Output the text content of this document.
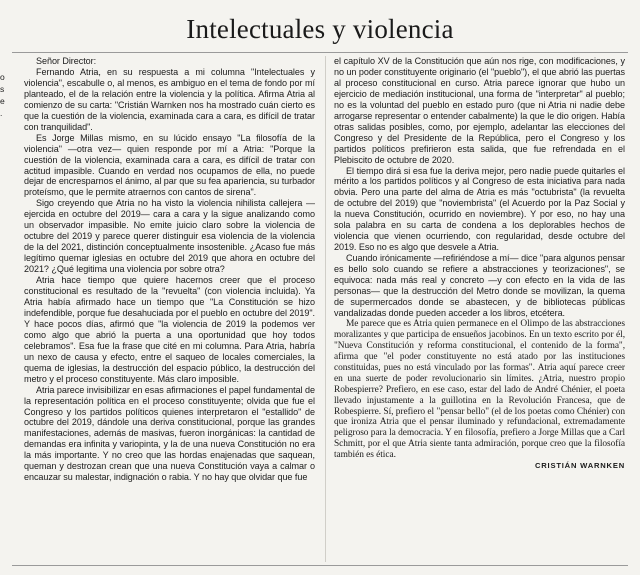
Intelectuales y violencia
o
s
e
.

Señor Director:

Fernando Atria, en su respuesta a mi columna "Intelectuales y violencia", escabulle o, al menos, es ambiguo en el tema de fondo por mí planteado, el de la relación entre la violencia y la política. Afirma Atria al comienzo de su carta: "Cristián Warnken nos ha mostrado cuán cierto es que la cuestión de la violencia, examinada cara a cara, es difícil de tratar con tranquilidad".

Es Jorge Millas mismo, en su lúcido ensayo "La filosofía de la violencia" —otra vez— quien responde por mí a Atria: "Porque la cuestión de la violencia, examinada cara a cara, es difícil de tratar con actitud impasible. Cuando en verdad nos ocupamos de ella, no puede dejar de encresparnos el ánimo, al par que su fea apariencia, su turbador proteísmo, que le permite atraernos con cantos de sirena".

Sigo creyendo que Atria no ha visto la violencia nihilista callejera —ejercida en octubre del 2019— cara a cara y la sigue analizando como un observador impasible. No emite juicio claro sobre la violencia de octubre del 2019 y parece querer distinguir esa violencia de la violencia de la del 2021, distinción conceptualmente insostenible. ¿Acaso fue más legítimo quemar iglesias en octubre del 2019 que ahora en octubre del 2021? ¿Qué legitima una violencia por sobre otra?

Atria hace tiempo que quiere hacernos creer que el proceso constitucional es resultado de la "revuelta" (con violencia incluida). Ya Atria había afirmado hace un tiempo que "La Constitución se hizo indefendible, porque fue desahuciada por el pueblo en octubre del 2019". Y hace pocos días, afirmó que "la violencia de 2019 la podemos ver como algo que abrió la puerta a una oportunidad que hoy todos celebramos". Esa fue la frase que cité en mi columna. Para Atria, habría un nexo de causa y efecto, entre el saqueo de locales comerciales, la quema de iglesias, la destrucción del espacio público, la destrucción del metro y el proceso constituyente. Más claro imposible.

Atria parece invisibilizar en esas afirmaciones el papel fundamental de la representación política en el proceso constituyente; olvida que fue el Congreso y los partidos políticos quienes interpretaron el "estallido" de octubre del 2019, dándole una deriva constitucional, porque las grandes manifestaciones, además de masivas, fueron inorgánicas: la cantidad de demandas era infinita y variopinta, y la de una nueva Constitución no era la más importante. Y no creo que las hordas enajenadas que saquean, queman y destrozan crean que una nueva Constitución vaya a calmar o encauzar su malestar, indignación o rabia. Y no hay que olvidar que fue

el capítulo XV de la Constitución que aún nos rige, con modificaciones, y no un poder constituyente originario (el "pueblo"), el que abrió las puertas al proceso constitucional en curso. Atria parece ignorar que hubo un ejercicio de mediación institucional, una forma de "interpretar" al pueblo; no es la voluntad del pueblo en estado puro (que ni Atria ni nadie debe arrogarse representar o entender cabalmente) la que le dio origen. Había otras salidas posibles, como, por ejemplo, adelantar las elecciones del Congreso y del Presidente de la República, pero el Congreso y los partidos políticos prefirieron esta salida, que fue refrendada en el Plebiscito de octubre de 2020.

El tiempo dirá si esa fue la deriva mejor, pero nadie puede quitarles el mérito a los partidos políticos y al Congreso de esta iniciativa para nada obvia. Pero una parte del alma de Atria es más "octubrista" (la revuelta de octubre del 2019) que "noviembrista" (el Acuerdo por la Paz Social y la nueva Constitución, ocurrido en noviembre). Y por eso, no hay una sola palabra en su carta de condena a los deplorables hechos de violencia que vienen ocurriendo, con regularidad, desde octubre del 2019. Eso no es algo que desvele a Atria.

Cuando irónicamente —refiriéndose a mí— dice "para algunos pensar es bello solo cuando se refiere a abstracciones y teorizaciones", se equivoca: nada más real y concreto —y con efecto en la vida de las personas— que la destrucción del Metro donde se movilizan, la quema de supermercados donde se abastecen, y de bibliotecas públicas vandalizadas donde pueden acceder a los libros, etcétera.

Me parece que es Atria quien permanece en el Olimpo de las abstracciones moralizantes y que participa de ensueños jacobinos. En un texto escrito por él, "Nueva Constitución y reforma constitucional, el contenido de la forma", afirma que "el poder constituyente no está atado por las instituciones constituidas, pues no está vinculado por las formas". Atria aquí parece creer en una suerte de poder revolucionario sin límites. ¿Atria, nuestro propio Robespierre? Prefiero, en ese caso, estar del lado de André Chénier, el poeta llevado injustamente a la guillotina en la Revolución Francesa, que de Robespierre. Sí, prefiero el "pensar bello" (el de los poetas como Chénier) con que ironiza Atria que el pensar iluminado y refundacional, extremadamente peligroso para la democracia. Y en filosofía, prefiero a Jorge Millas que a Carl Schmitt, por el que Atria siente tanta admiración, porque creo que la filosofía también es ética.

CRISTIÁN WARNKEN
